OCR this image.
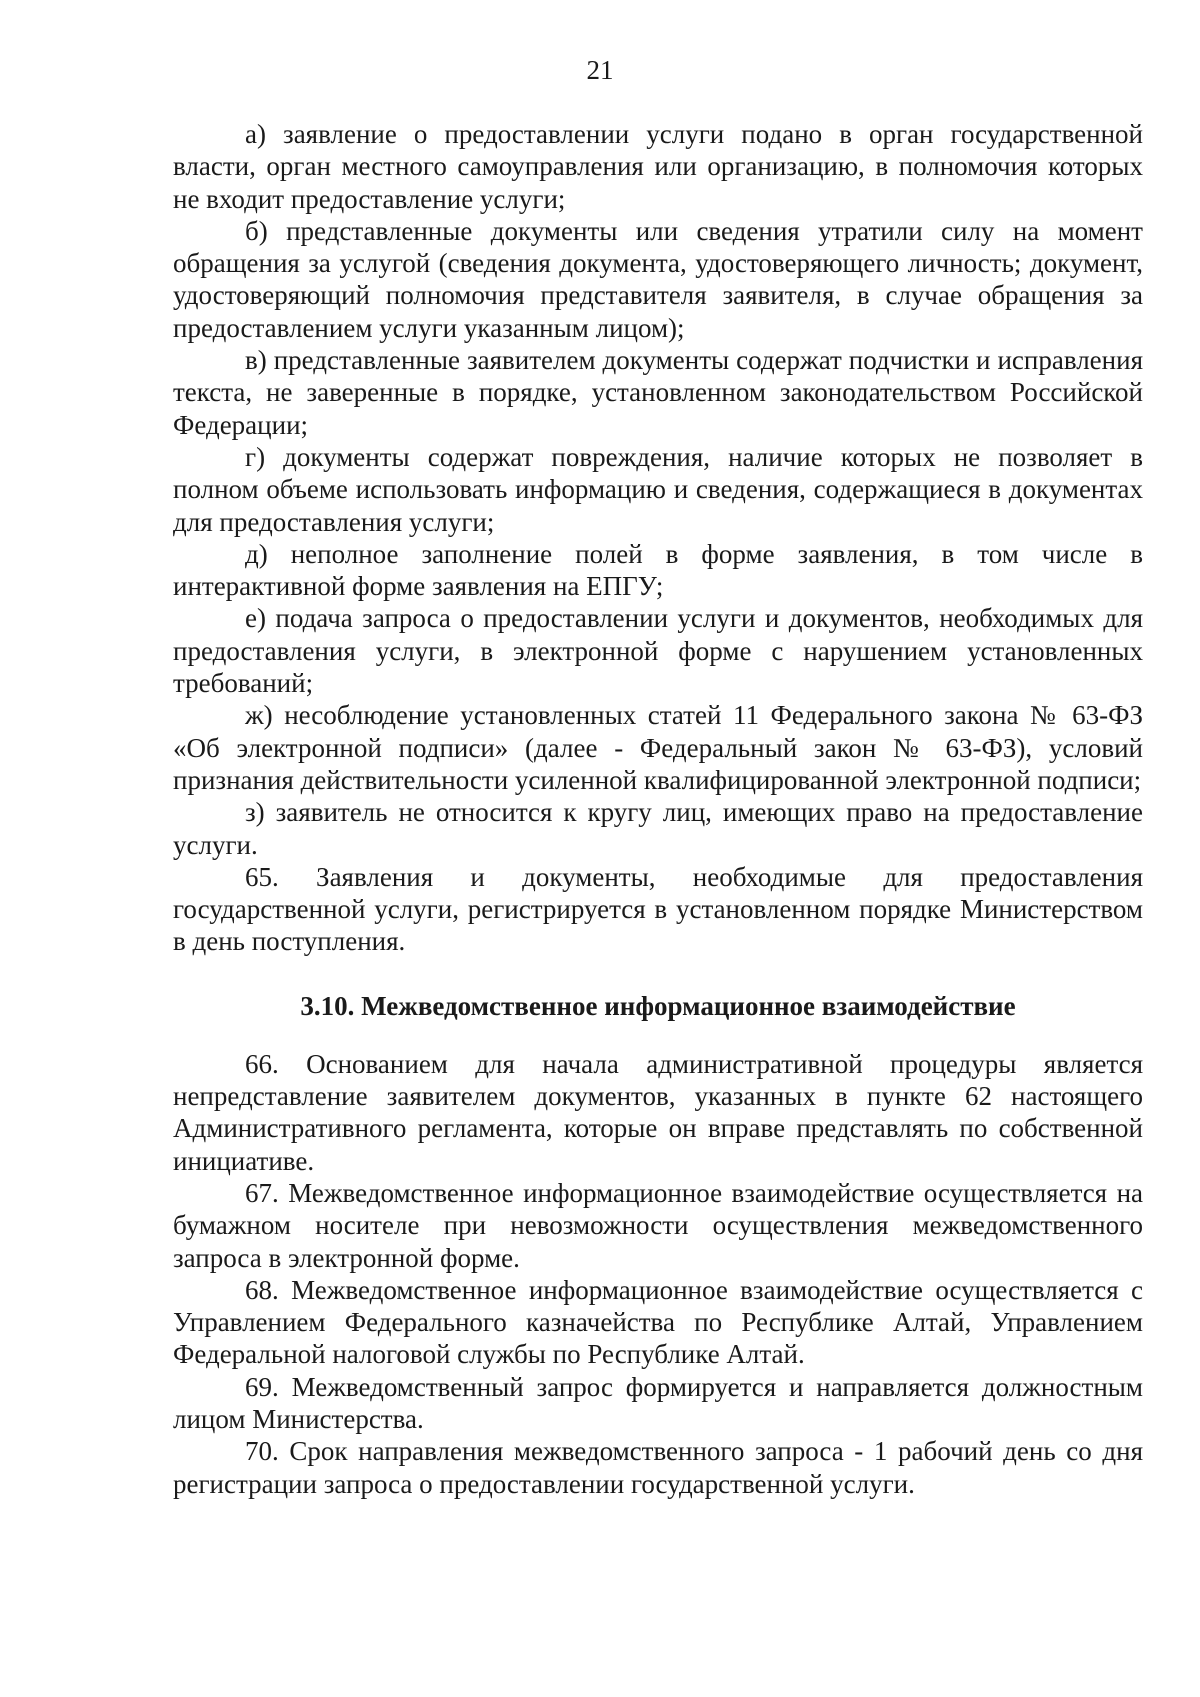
21

а) заявление о предоставлении услуги подано в орган государственной власти, орган местного самоуправления или организацию, в полномочия которых не входит предоставление услуги;

б) представленные документы или сведения утратили силу на момент обращения за услугой (сведения документа, удостоверяющего личность; документ, удостоверяющий полномочия представителя заявителя, в случае обращения за предоставлением услуги указанным лицом);

в) представленные заявителем документы содержат подчистки и исправления текста, не заверенные в порядке, установленном законодательством Российской Федерации;

г) документы содержат повреждения, наличие которых не позволяет в полном объеме использовать информацию и сведения, содержащиеся в документах для предоставления услуги;

д) неполное заполнение полей в форме заявления, в том числе в интерактивной форме заявления на ЕПГУ;

е) подача запроса о предоставлении услуги и документов, необходимых для предоставления услуги, в электронной форме с нарушением установленных требований;

ж) несоблюдение установленных статей 11 Федерального закона № 63-ФЗ «Об электронной подписи» (далее - Федеральный закон № 63-ФЗ), условий признания действительности усиленной квалифицированной электронной подписи;

з) заявитель не относится к кругу лиц, имеющих право на предоставление услуги.

65. Заявления и документы, необходимые для предоставления государственной услуги, регистрируется в установленном порядке Министерством в день поступления.

3.10. Межведомственное информационное взаимодействие

66. Основанием для начала административной процедуры является непредставление заявителем документов, указанных в пункте 62 настоящего Административного регламента, которые он вправе представлять по собственной инициативе.

67. Межведомственное информационное взаимодействие осуществляется на бумажном носителе при невозможности осуществления межведомственного запроса в электронной форме.

68. Межведомственное информационное взаимодействие осуществляется с Управлением Федерального казначейства по Республике Алтай, Управлением Федеральной налоговой службы по Республике Алтай.

69. Межведомственный запрос формируется и направляется должностным лицом Министерства.

70. Срок направления межведомственного запроса - 1 рабочий день со дня регистрации запроса о предоставлении государственной услуги.
